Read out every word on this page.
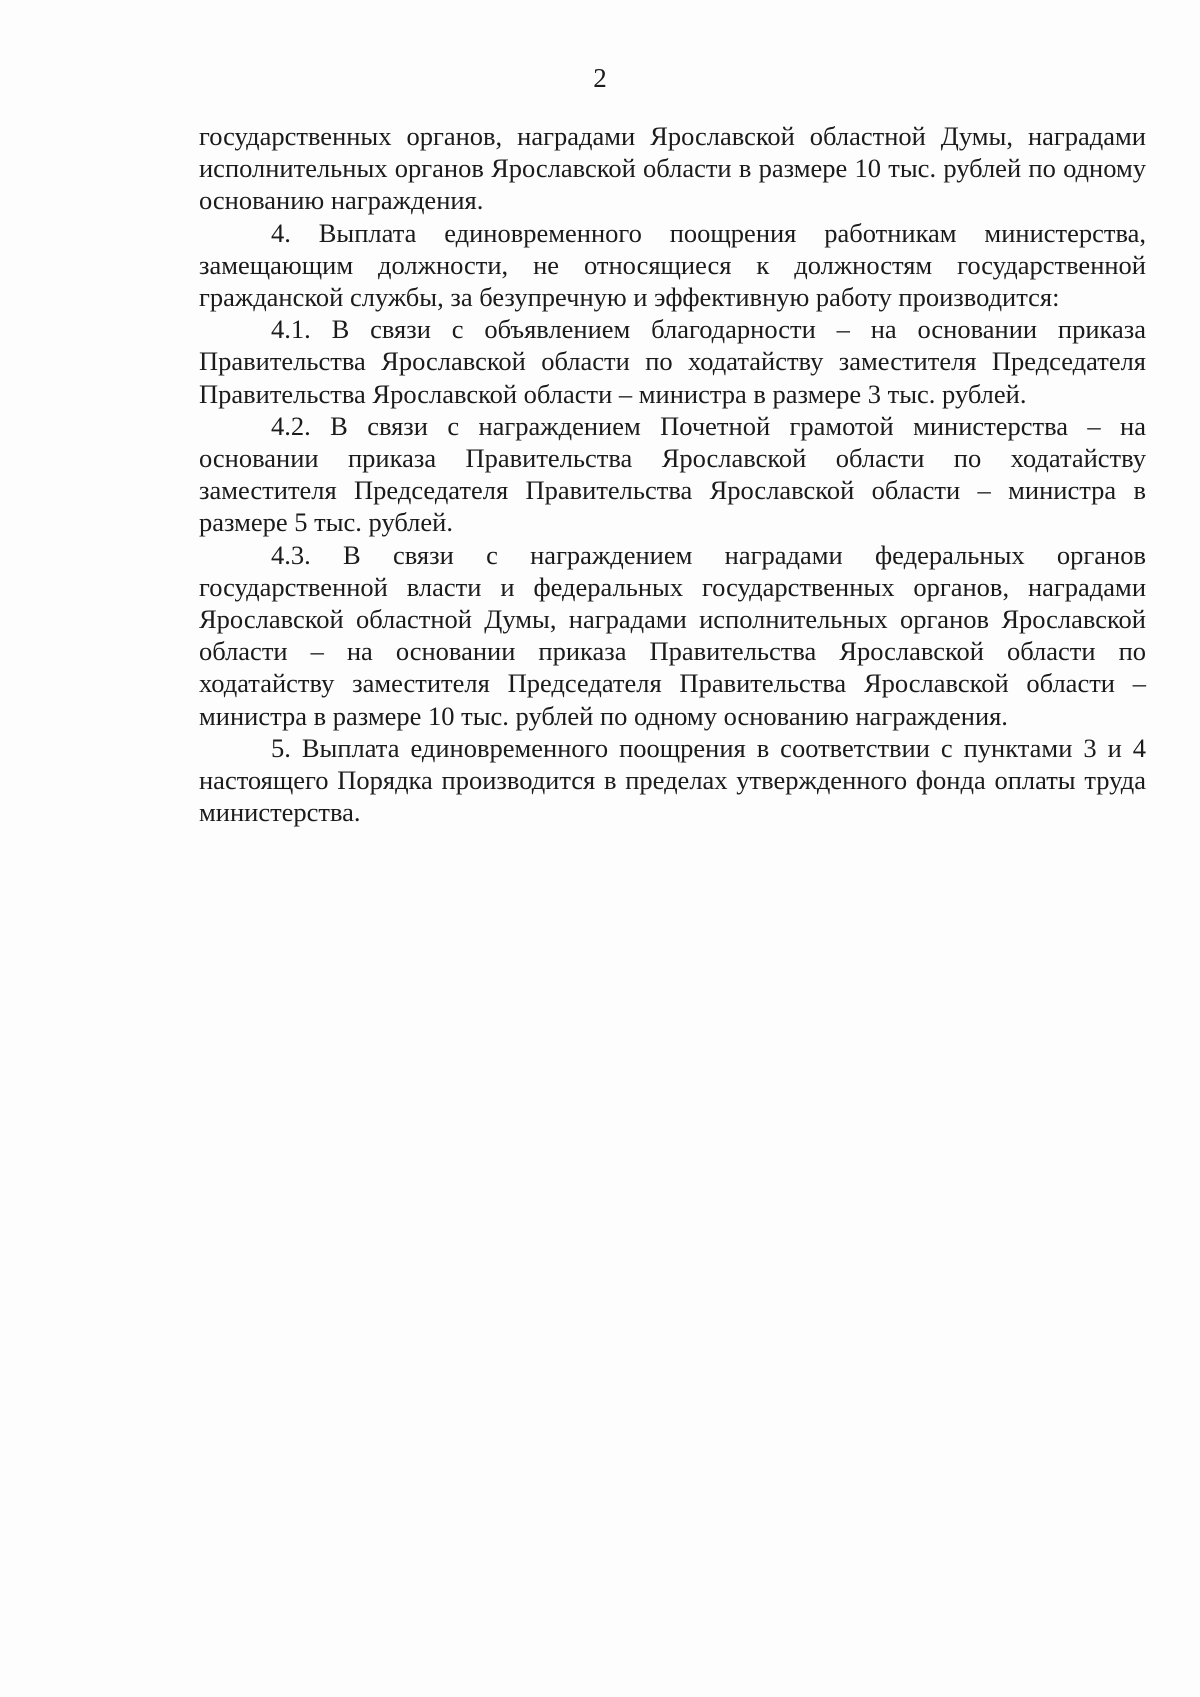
2

государственных органов, наградами Ярославской областной Думы, наградами исполнительных органов Ярославской области в размере 10 тыс. рублей по одному основанию награждения.

4. Выплата единовременного поощрения работникам министерства, замещающим должности, не относящиеся к должностям государственной гражданской службы, за безупречную и эффективную работу производится:

4.1. В связи с объявлением благодарности – на основании приказа Правительства Ярославской области по ходатайству заместителя Председателя Правительства Ярославской области – министра в размере 3 тыс. рублей.

4.2. В связи с награждением Почетной грамотой министерства – на основании приказа Правительства Ярославской области по ходатайству заместителя Председателя Правительства Ярославской области – министра в размере 5 тыс. рублей.

4.3. В связи с награждением наградами федеральных органов государственной власти и федеральных государственных органов, наградами Ярославской областной Думы, наградами исполнительных органов Ярославской области – на основании приказа Правительства Ярославской области по ходатайству заместителя Председателя Правительства Ярославской области – министра в размере 10 тыс. рублей по одному основанию награждения.

5. Выплата единовременного поощрения в соответствии с пунктами 3 и 4 настоящего Порядка производится в пределах утвержденного фонда оплаты труда министерства.
